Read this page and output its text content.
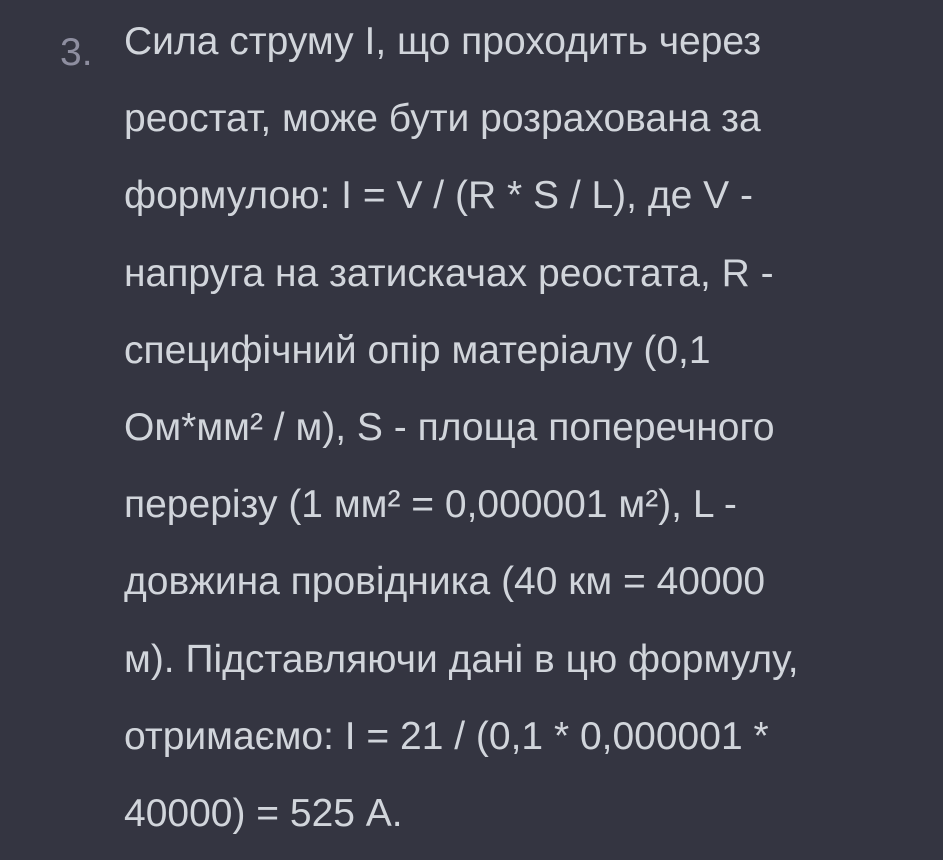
3. Сила струму І, що проходить через
реостат, може бути розрахована за
формулою: I = V / (R * S / L), де V -
напруга на затискачах реостата, R -
специфічний опір матеріалу (0,1
Ом*мм² / м), S - площа поперечного
перерізу (1 мм² = 0,000001 м²), L -
довжина провідника (40 км = 40000
м). Підставляючи дані в цю формулу,
отримаємо: I = 21 / (0,1 * 0,000001 *
40000) = 525 А.
